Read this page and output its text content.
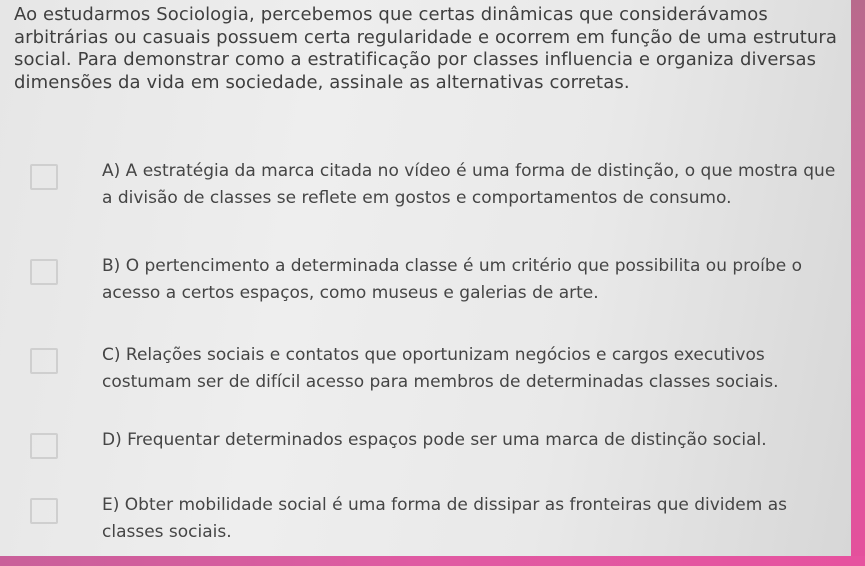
Ao estudarmos Sociologia, percebemos que certas dinâmicas que considerávamos arbitrárias ou casuais possuem certa regularidade e ocorrem em função de uma estrutura social. Para demonstrar como a estratificação por classes influencia e organiza diversas dimensões da vida em sociedade, assinale as alternativas corretas.

A) A estratégia da marca citada no vídeo é uma forma de distinção, o que mostra que
a divisão de classes se reflete em gostos e comportamentos de consumo.
B) O pertencimento a determinada classe é um critério que possibilita ou proíbe o
acesso a certos espaços, como museus e galerias de arte.
C) Relações sociais e contatos que oportunizam negócios e cargos executivos
costumam ser de difícil acesso para membros de determinadas classes sociais.
D) Frequentar determinados espaços pode ser uma marca de distinção social.
E) Obter mobilidade social é uma forma de dissipar as fronteiras que dividem as
classes sociais.
